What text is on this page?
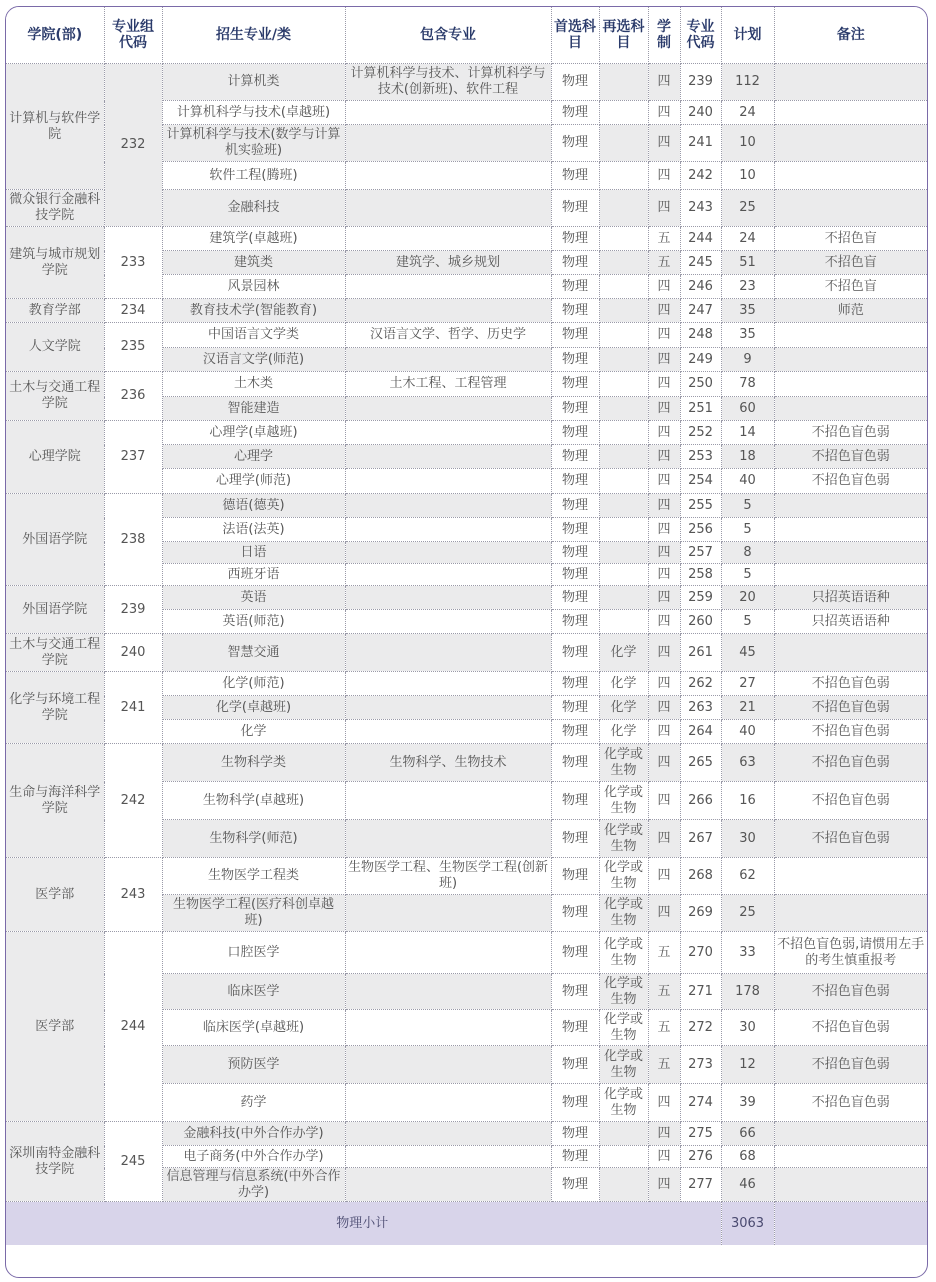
学院(部)	专业组代码	招生专业/类	包含专业	首选科目	再选科目	学制	专业代码	计划	备注
计算机与软件学院	232	计算机类	计算机科学与技术、计算机科学与技术(创新班)、软件工程	物理		四	239	112	
		计算机科学与技术(卓越班)		物理		四	240	24	
		计算机科学与技术(数学与计算机实验班)		物理		四	241	10	
		软件工程(腾班)		物理		四	242	10	
微众银行金融科技学院		金融科技		物理		四	243	25	
建筑与城市规划学院	233	建筑学(卓越班)		物理		五	244	24	不招色盲
		建筑类	建筑学、城乡规划	物理		五	245	51	不招色盲
		风景园林		物理		四	246	23	不招色盲
教育学部	234	教育技术学(智能教育)		物理		四	247	35	师范
人文学院	235	中国语言文学类	汉语言文学、哲学、历史学	物理		四	248	35	
		汉语言文学(师范)		物理		四	249	9	
土木与交通工程学院	236	土木类	土木工程、工程管理	物理		四	250	78	
		智能建造		物理		四	251	60	
心理学院	237	心理学(卓越班)		物理		四	252	14	不招色盲色弱
		心理学		物理		四	253	18	不招色盲色弱
		心理学(师范)		物理		四	254	40	不招色盲色弱
外国语学院	238	德语(德英)		物理		四	255	5	
		法语(法英)		物理		四	256	5	
		日语		物理		四	257	8	
		西班牙语		物理		四	258	5	
外国语学院	239	英语		物理		四	259	20	只招英语语种
		英语(师范)		物理		四	260	5	只招英语语种
土木与交通工程学院	240	智慧交通		物理	化学	四	261	45	
化学与环境工程学院	241	化学(师范)		物理	化学	四	262	27	不招色盲色弱
		化学(卓越班)		物理	化学	四	263	21	不招色盲色弱
		化学		物理	化学	四	264	40	不招色盲色弱
生命与海洋科学学院	242	生物科学类	生物科学、生物技术	物理	化学或生物	四	265	63	不招色盲色弱
		生物科学(卓越班)		物理	化学或生物	四	266	16	不招色盲色弱
		生物科学(师范)		物理	化学或生物	四	267	30	不招色盲色弱
医学部	243	生物医学工程类	生物医学工程、生物医学工程(创新班)	物理	化学或生物	四	268	62	
		生物医学工程(医疗科创卓越班)		物理	化学或生物	四	269	25	
医学部	244	口腔医学		物理	化学或生物	五	270	33	不招色盲色弱,请惯用左手的考生慎重报考
		临床医学		物理	化学或生物	五	271	178	不招色盲色弱
		临床医学(卓越班)		物理	化学或生物	五	272	30	不招色盲色弱
		预防医学		物理	化学或生物	五	273	12	不招色盲色弱
		药学		物理	化学或生物	四	274	39	不招色盲色弱
深圳南特金融科技学院	245	金融科技(中外合作办学)		物理		四	275	66	
		电子商务(中外合作办学)		物理		四	276	68	
		信息管理与信息系统(中外合作办学)		物理		四	277	46	
物理小计								3063	
